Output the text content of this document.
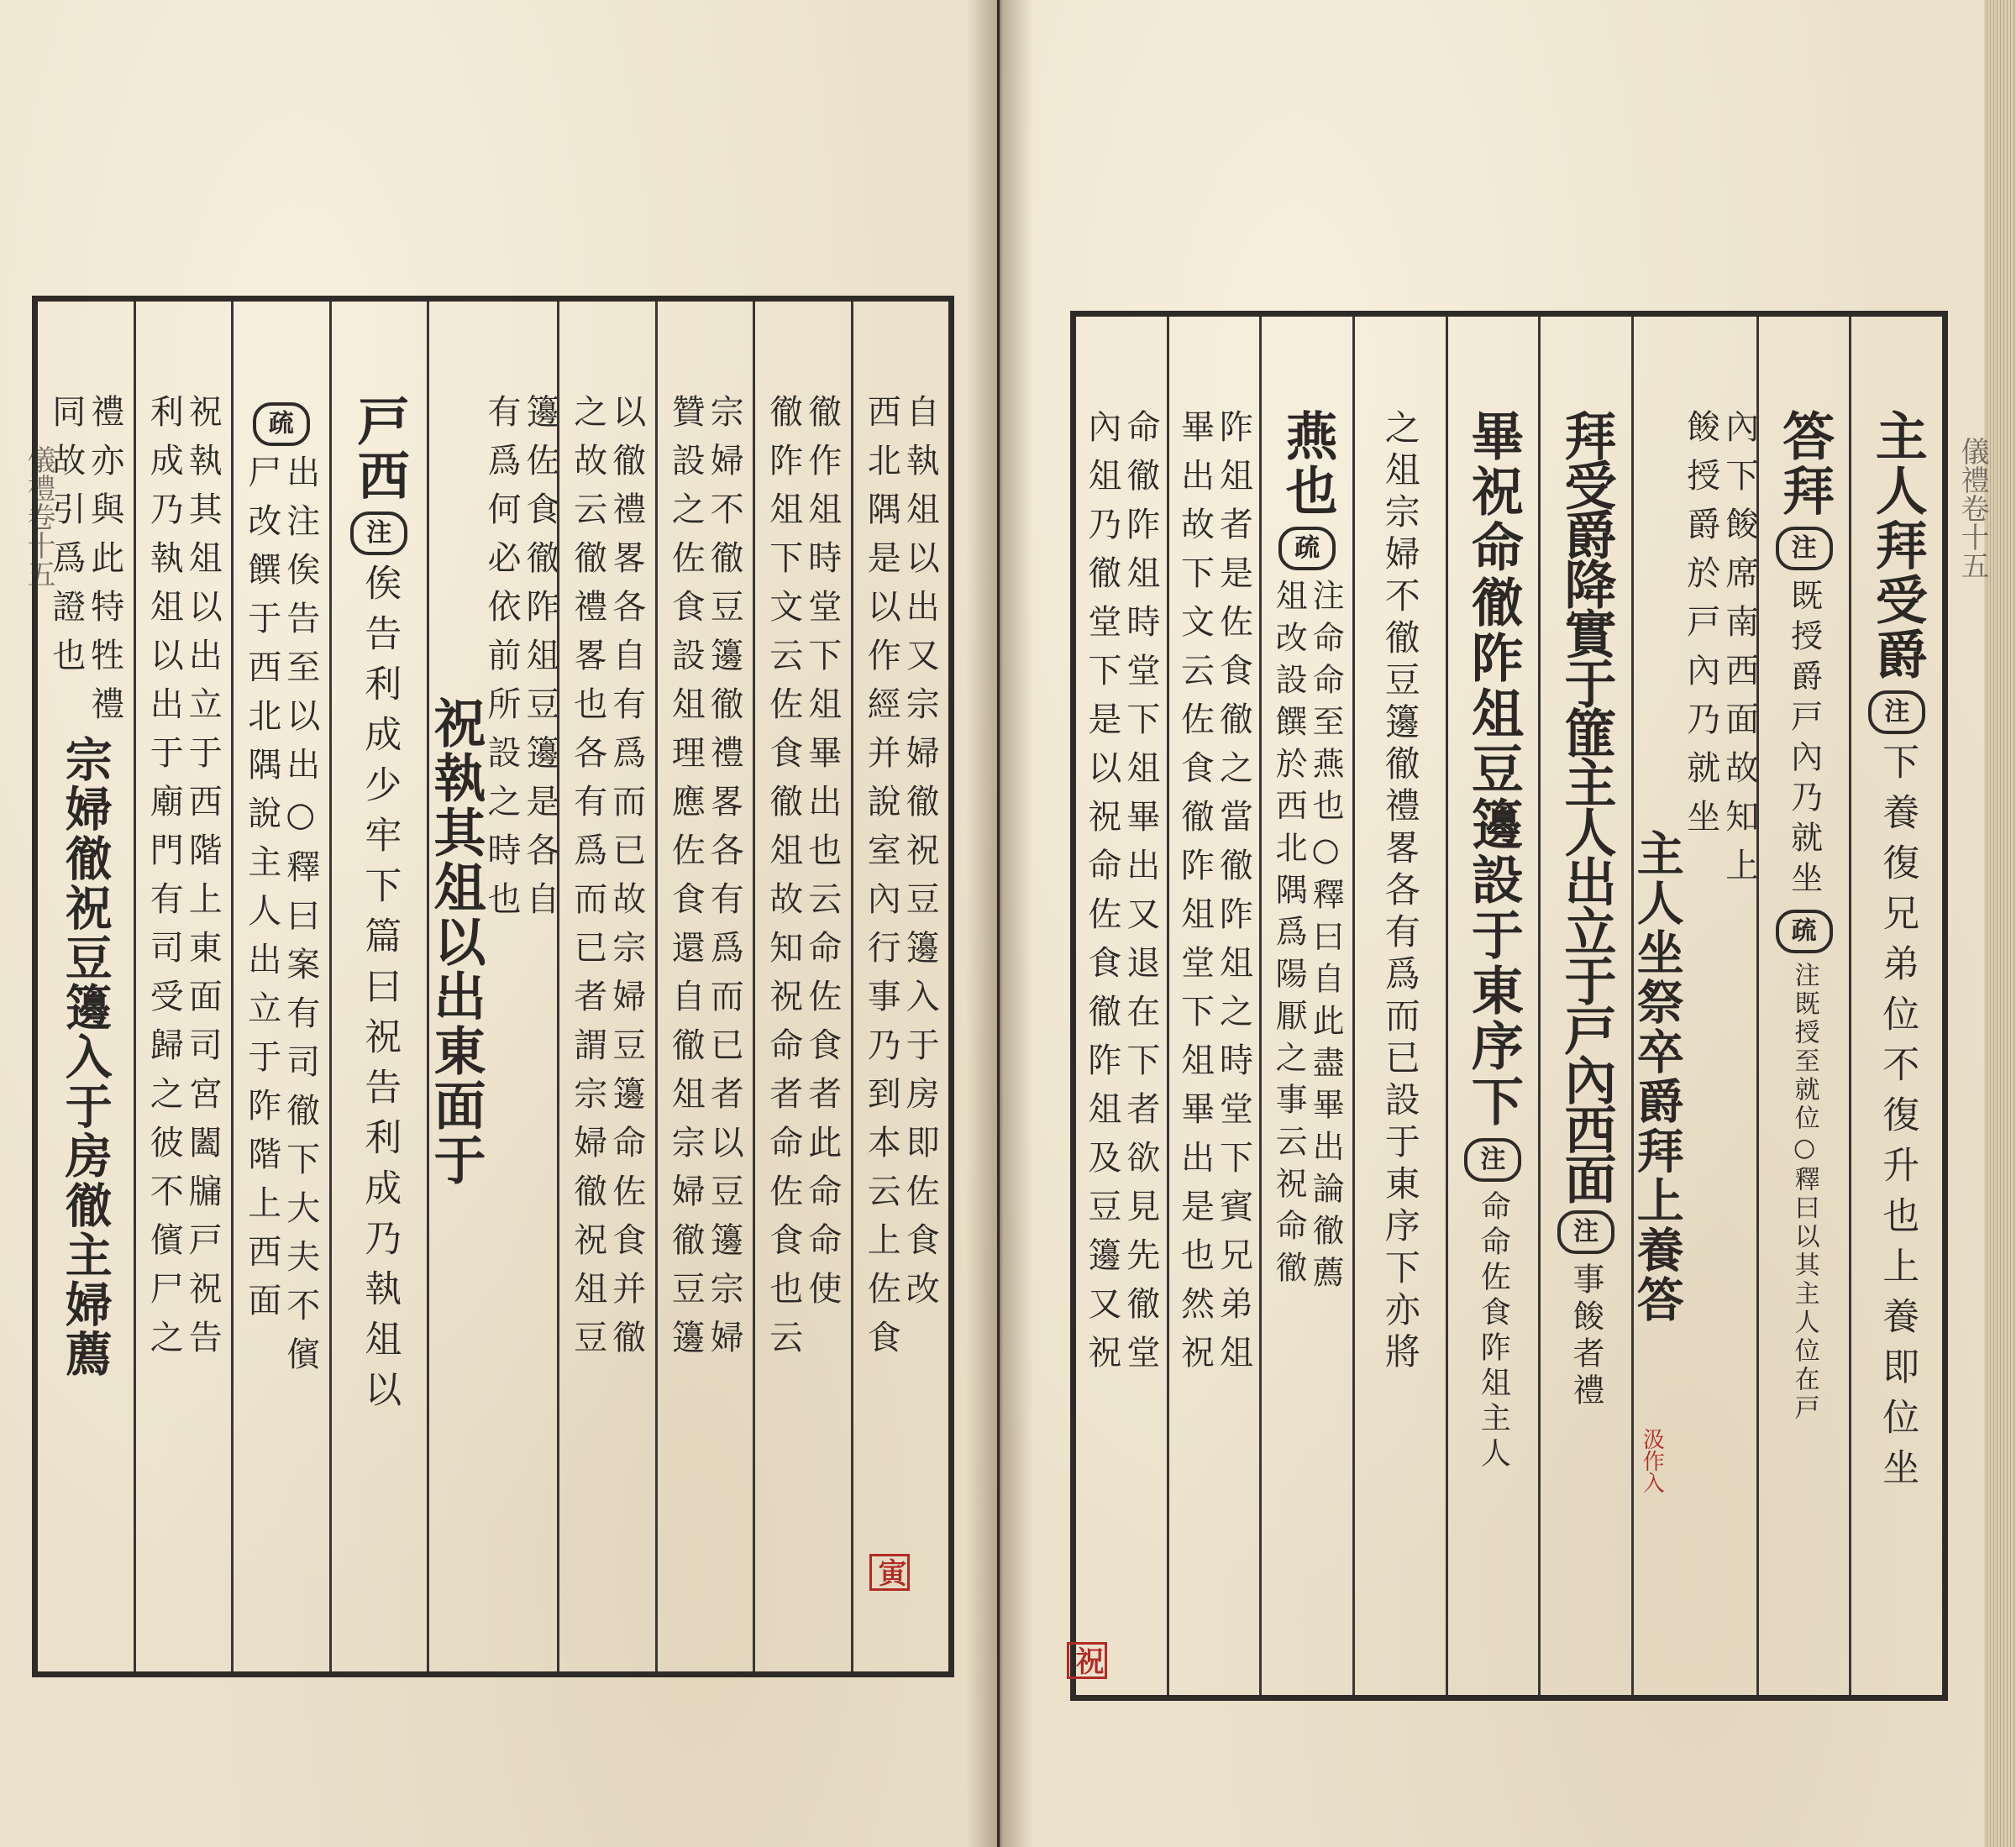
儀禮卷十五	儀禮卷十五
自執俎以出又宗婦徹祝豆籩入于房即佐食改
西北隅是以作經并說室內行事乃到本云上佐食
徹作俎時堂下俎畢出也云命佐食者此命命使
徹阼俎下文云佐食徹俎故知祝命者命佐食也云
宗婦不徹豆籩徹禮畧各有爲而已者以豆籩宗婦
贊設之佐食設俎理應佐食還自徹俎宗婦徹豆籩
以徹禮畧各自有爲而已故宗婦豆籩命佐食并徹
之故云徹禮畧也各有爲而已者謂宗婦徹祝俎豆
籩佐食徹阼俎豆籩是各自
有爲何必依前所設之時也
祝執其俎以出東面于
戸西
注
俟告利成少牢下篇曰祝告利成乃執俎以
疏
出注俟告至以出○釋曰案有司徹下大夫不儐
尸改饌于西北隅說主人出立于阼階上西面
祝執其俎以出立于西階上東面司宮闔牖戸祝告
利成乃執俎以出于廟門有司受歸之彼不儐尸之
禮亦與此特牲禮
同故引爲證也
宗婦徹祝豆籩入于房徹主婦薦
主人拜受爵
注
下養復兄弟位不復升也上養即位坐
答拜
注
既授爵戸內乃就坐
疏
注既授至就位○釋曰以其主人位在戸
內下餕席南西面故知上
餕授爵於戸內乃就坐
主人坐祭卒爵拜上養答
拜受爵降實于篚主人出立于戸內西面
注
事餕者禮
畢祝命徹阼俎豆籩設于東序下
注
命命佐食阼俎主人
之俎宗婦不徹豆籩徹禮畧各有爲而已設于東序下亦將
燕也
疏
注命命至燕也○釋曰自此盡畢出論徹薦
俎改設饌於西北隅爲陽厭之事云祝命徹
阼俎者是佐食徹之當徹阼俎之時堂下賓兄弟俎
畢出故下文云佐食徹阼俎堂下俎畢出是也然祝
命徹阼俎時堂下俎畢出又退在下者欲見先徹堂
內俎乃徹堂下是以祝命佐食徹阼俎及豆籩又祝
寅
祝
汲作入
